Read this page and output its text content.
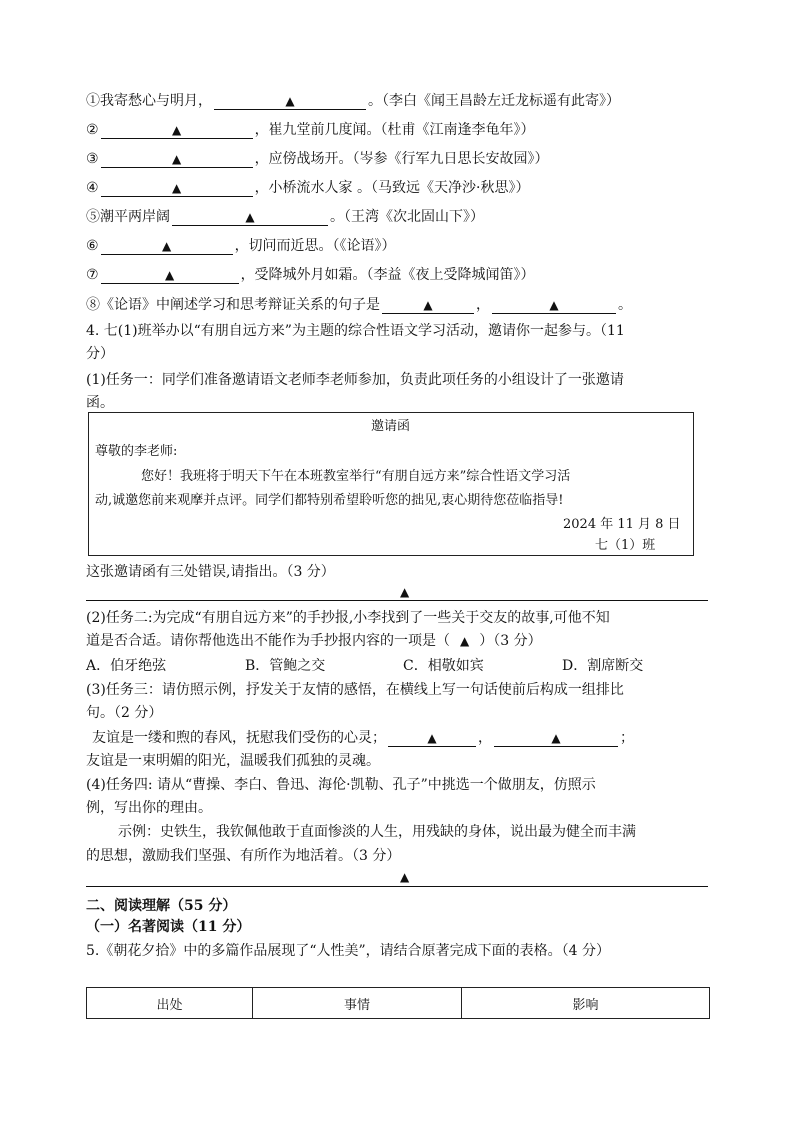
①我寄愁心与明月，	▲	。（李白《闻王昌龄左迁龙标遥有此寄》）
②	▲	，崔九堂前几度闻。（杜甫《江南逢李龟年》）
③	▲	，应傍战场开。（岑参《行军九日思长安故园》）
④	▲	，小桥流水人家 。（马致远《天净沙·秋思》）
⑤潮平两岸阔	▲	。（王湾《次北固山下》）
⑥	▲	，切问而近思。（《论语》）
⑦	▲	，受降城外月如霜。（李益《夜上受降城闻笛》）
⑧《论语》中阐述学习和思考辩证关系的句子是	▲	，	▲	。
4. 七(1)班举办以“有朋自远方来”为主题的综合性语文学习活动，邀请你一起参与。（11
分）
(1)任务一：同学们准备邀请语文老师李老师参加，负责此项任务的小组设计了一张邀请
函。
邀请函
尊敬的李老师:
您好！我班将于明天下午在本班教室举行“有朋自远方来”综合性语文学习活
动,诚邀您前来观摩并点评。同学们都特别希望聆听您的拙见,衷心期待您莅临指导!
2024 年 11 月 8 日
七（1）班
这张邀请函有三处错误,请指出。（3 分）
▲
(2)任务二:为完成“有朋自远方来”的手抄报,小李找到了一些关于交友的故事,可他不知
道是否合适。请你帮他选出不能作为手抄报内容的一项是（ ▲ ）（3 分）
A．伯牙绝弦	B．管鲍之交	C．相敬如宾	D．割席断交
(3)任务三：请仿照示例，抒发关于友情的感悟，在横线上写一句话使前后构成一组排比
句。（2 分）
友谊是一缕和煦的春风，抚慰我们受伤的心灵；	▲	，	▲	；
友谊是一束明媚的阳光，温暖我们孤独的灵魂。
(4)任务四: 请从“曹操、李白、鲁迅、海伦·凯勒、孔子”中挑选一个做朋友，仿照示
例，写出你的理由。
示例：史铁生，我钦佩他敢于直面惨淡的人生，用残缺的身体，说出最为健全而丰满
的思想，激励我们坚强、有所作为地活着。（3 分）
▲
二、阅读理解（55 分）
（一）名著阅读（11 分）
5.《朝花夕拾》中的多篇作品展现了“人性美”，请结合原著完成下面的表格。（4 分）
出处	事情	影响
